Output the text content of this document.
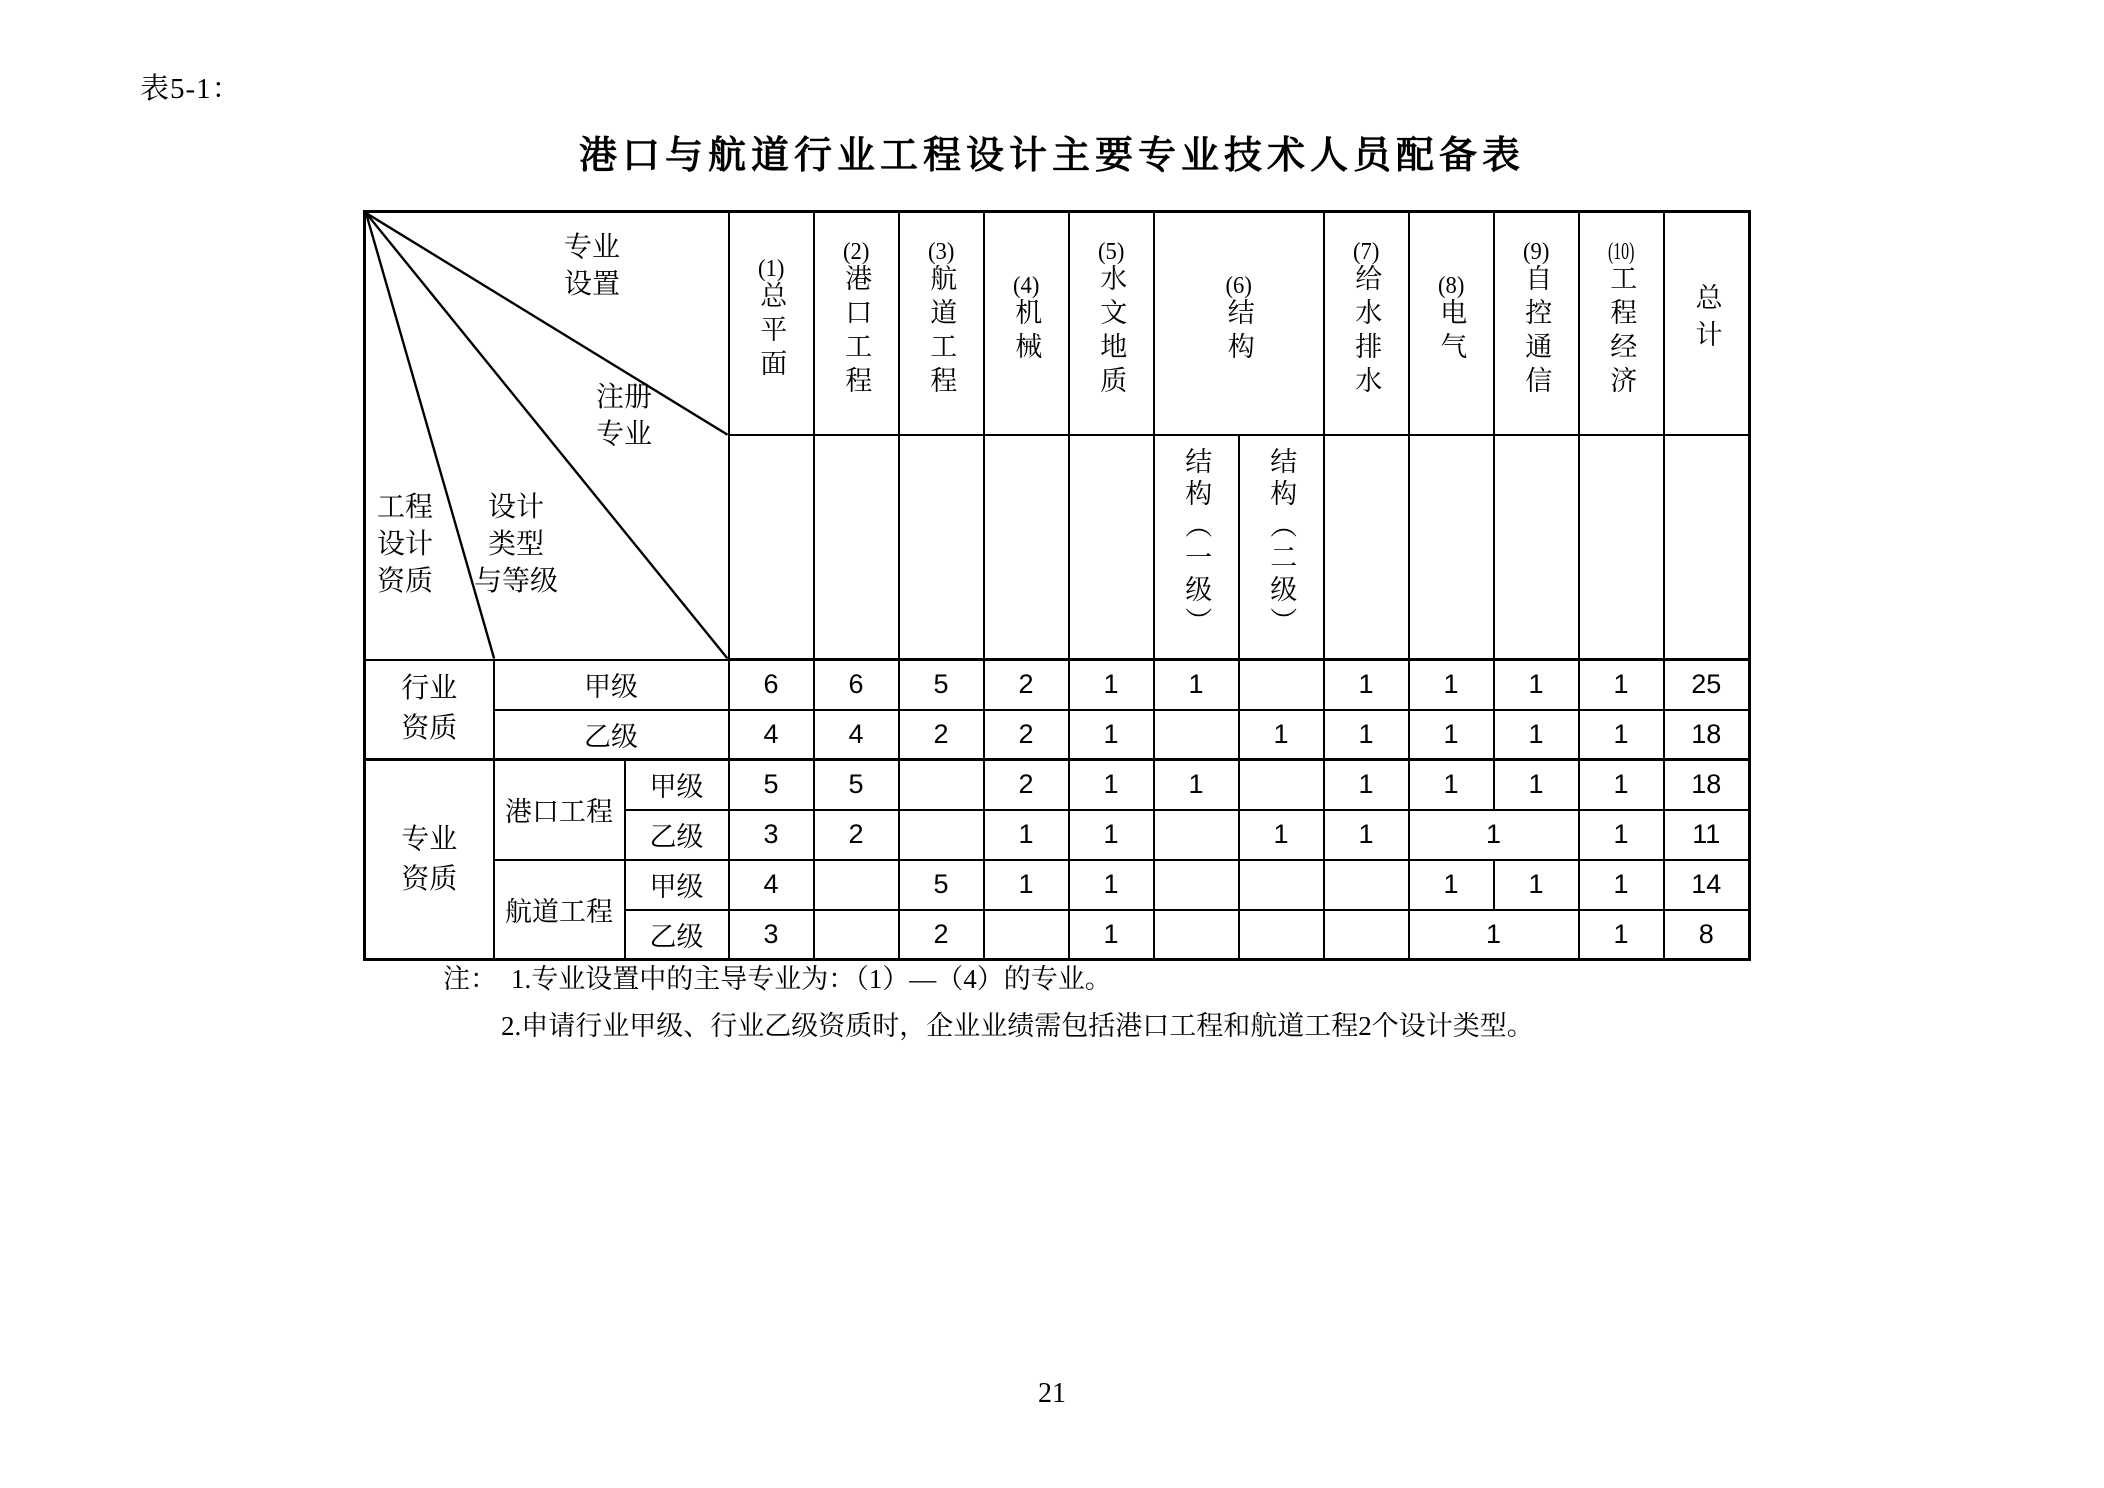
表5-1：
港口与航道行业工程设计主要专业技术人员配备表
专业
设置
注册
专业
设计
类型
与等级
工程
设计
资质
	(1)总平面	(2)港口工程	(3)航道工程	(4)机械	(5)水文地质	(6)结构	(7)给水排水	(8)电气	(9)自控通信	(10)工程经济	总计
								结构（一级）	结构（二级）					

行业资质	甲级		6	6	5	2	1	1		1	1	1	1	25
	乙级		4	4	2	2	1		1	1	1	1	1	18

专业资质	港口工程	甲级	5	5		2	1	1		1	1	1	1	18
		乙级	3	2		1	1		1	1	1		1	11
	航道工程	甲级	4		5	1	1				1	1	1	14
		乙级	3		2		1				1		1	8
注： 1.专业设置中的主导专业为：（1）—（4）的专业。
2.申请行业甲级、行业乙级资质时，企业业绩需包括港口工程和航道工程2个设计类型。
21
